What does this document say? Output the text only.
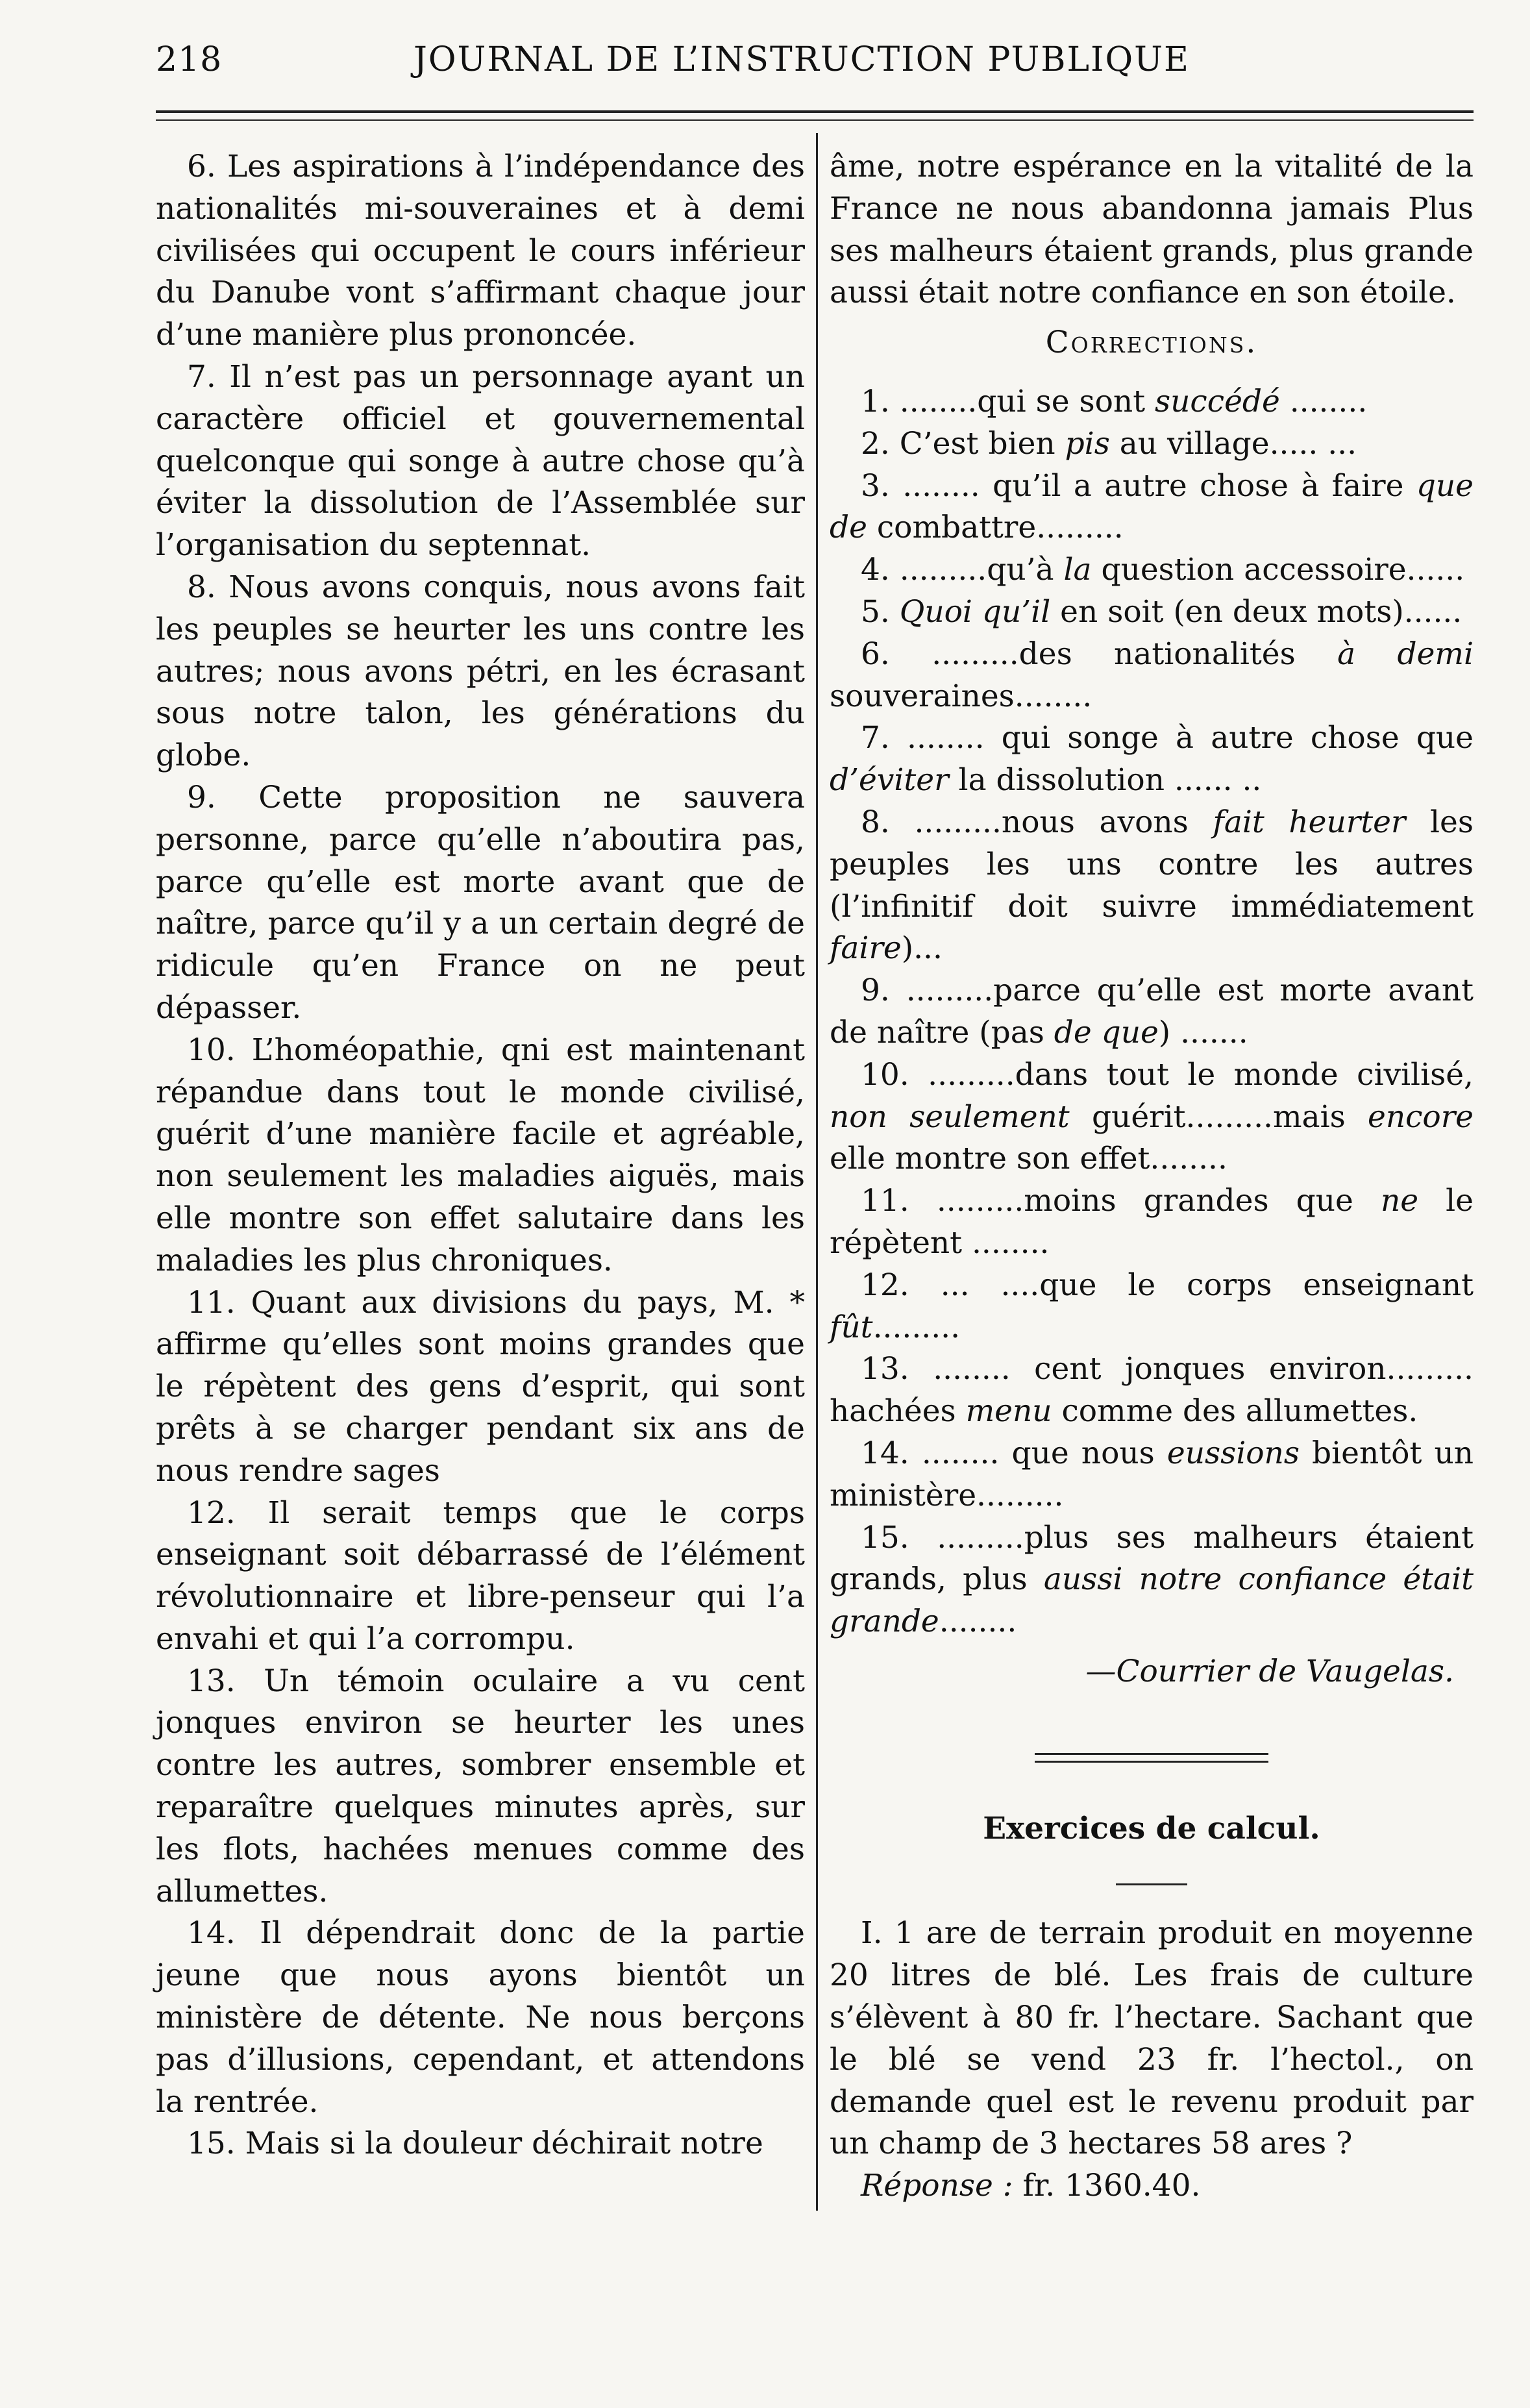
218	JOURNAL DE L’INSTRUCTION PUBLIQUE

6. Les aspirations à l’indépendance des nationalités mi-souveraines et à demi civilisées qui occupent le cours inférieur du Danube vont s’affirmant chaque jour d’une manière plus prononcée.

7. Il n’est pas un personnage ayant un caractère officiel et gouvernemental quelconque qui songe à autre chose qu’à éviter la dissolution de l’Assemblée sur l’organisation du septennat.

8. Nous avons conquis, nous avons fait les peuples se heurter les uns contre les autres; nous avons pétri, en les écrasant sous notre talon, les générations du globe.

9. Cette proposition ne sauvera personne, parce qu’elle n’aboutira pas, parce qu’elle est morte avant que de naître, parce qu’il y a un certain degré de ridicule qu’en France on ne peut dépasser.

10. L’homéopathie, qni est maintenant répandue dans tout le monde civilisé, guérit d’une manière facile et agréable, non seulement les maladies aiguës, mais elle montre son effet salutaire dans les maladies les plus chroniques.

11. Quant aux divisions du pays, M. * affirme qu’elles sont moins grandes que le répètent des gens d’esprit, qui sont prêts à se charger pendant six ans de nous rendre sages

12. Il serait temps que le corps enseignant soit débarrassé de l’élément révolutionnaire et libre-penseur qui l’a envahi et qui l’a corrompu.

13. Un témoin oculaire a vu cent jonques environ se heurter les unes contre les autres, sombrer ensemble et reparaître quelques minutes après, sur les flots, hachées menues comme des allumettes.

14. Il dépendrait donc de la partie jeune que nous ayons bientôt un ministère de détente. Ne nous berçons pas d’illusions, cependant, et attendons la rentrée.

15. Mais si la douleur déchirait notre

âme, notre espérance en la vitalité de la France ne nous abandonna jamais Plus ses malheurs étaient grands, plus grande aussi était notre confiance en son étoile.

Corrections.

1. ........qui se sont succédé ........

2. C’est bien pis au village..... ...

3. ........ qu’il a autre chose à faire que de combattre.........

4. .........qu’à la question accessoire......

5. Quoi qu’il en soit (en deux mots)......

6. .........des nationalités à demi souveraines........

7. ........ qui songe à autre chose que d’éviter la dissolution ...... ..

8. .........nous avons fait heurter les peuples les uns contre les autres (l’infinitif doit suivre immédiatement faire)...

9. .........parce qu’elle est morte avant de naître (pas de que) .......

10. .........dans tout le monde civilisé, non seulement guérit.........mais encore elle montre son effet........

11. .........moins grandes que ne le répètent ........

12. ... ....que le corps enseignant fût.........

13. ........ cent jonques environ......... hachées menu comme des allumettes.

14. ........ que nous eussions bientôt un ministère.........

15. .........plus ses malheurs étaient grands, plus aussi notre confiance était grande........

—Courrier de Vaugelas.
Exercices de calcul.

I. 1 are de terrain produit en moyenne 20 litres de blé. Les frais de culture s’élèvent à 80 fr. l’hectare. Sachant que le blé se vend 23 fr. l’hectol., on demande quel est le revenu produit par un champ de 3 hectares 58 ares ?

Réponse : fr. 1360.40.
